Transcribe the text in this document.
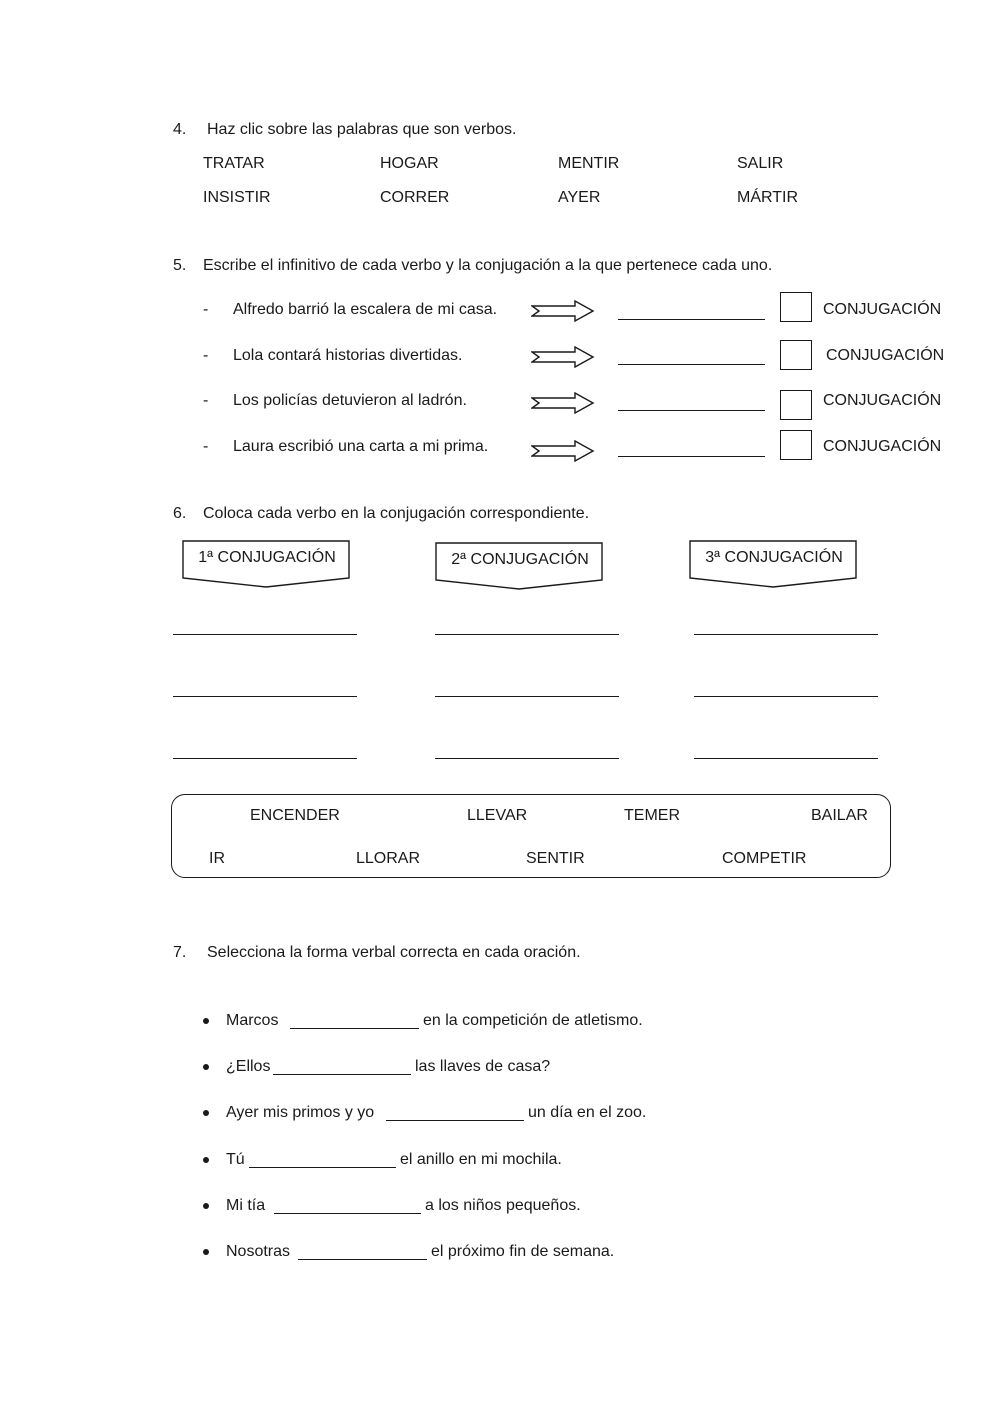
4. Haz clic sobre las palabras que son verbos.
TRATAR	HOGAR	MENTIR	SALIR
INSISTIR	CORRER	AYER	MÁRTIR
5. Escribe el infinitivo de cada verbo y la conjugación a la que pertenece cada uno.
- Alfredo barrió la escalera de mi casa.	CONJUGACIÓN
- Lola contará historias divertidas.	CONJUGACIÓN
- Los policías detuvieron al ladrón.	CONJUGACIÓN
- Laura escribió una carta a mi prima.	CONJUGACIÓN
6. Coloca cada verbo en la conjugación correspondiente.
1ª CONJUGACIÓN	2ª CONJUGACIÓN	3ª CONJUGACIÓN
ENCENDER	LLEVAR	TEMER	BAILAR
IR	LLORAR	SENTIR	COMPETIR
7. Selecciona la forma verbal correcta en cada oración.
Marcos	en la competición de atletismo.
¿Ellos	las llaves de casa?
Ayer mis primos y yo	un día en el zoo.
Tú	el anillo en mi mochila.
Mi tía	a los niños pequeños.
Nosotras	el próximo fin de semana.
